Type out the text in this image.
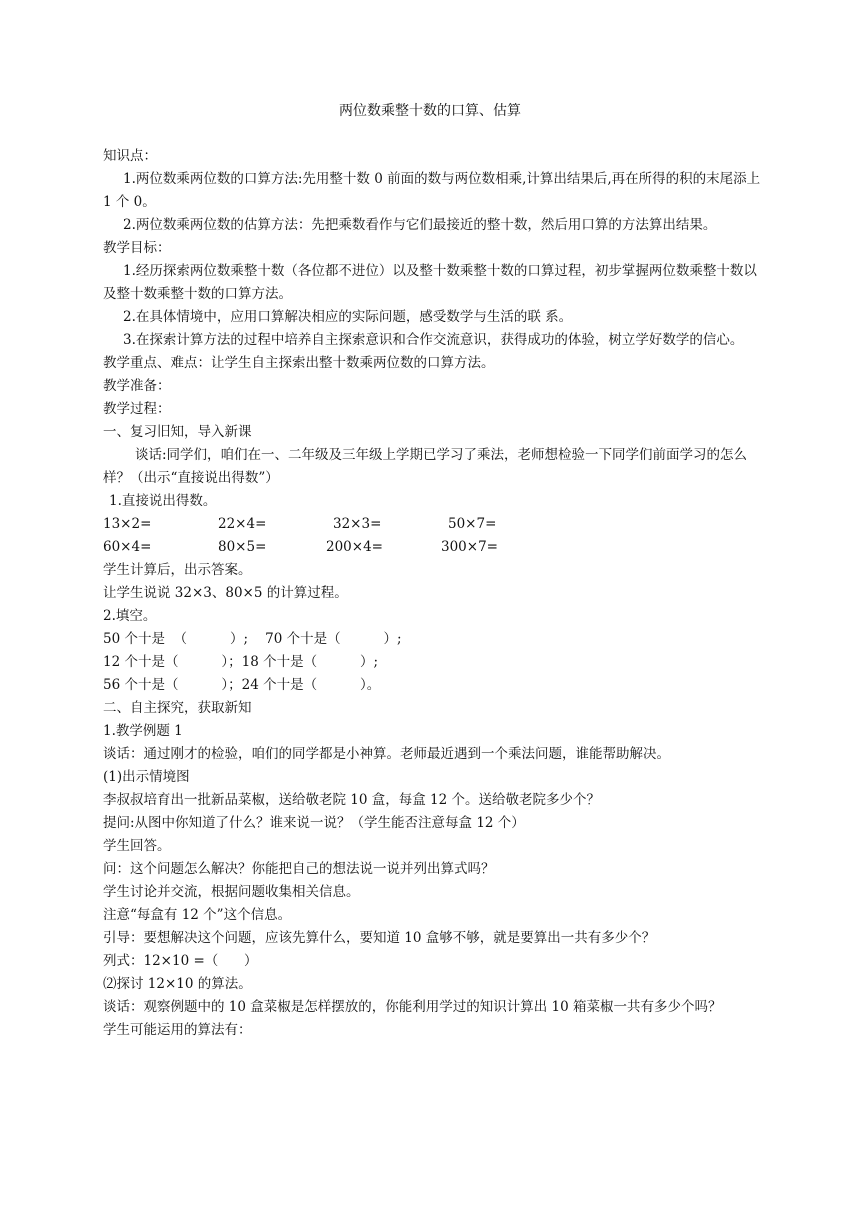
两位数乘整十数的口算、估算

知识点：

1.两位数乘两位数的口算方法:先用整十数 0 前面的数与两位数相乘,计算出结果后,再在所得的积的末尾添上 1 个 0。

2.两位数乘两位数的估算方法：先把乘数看作与它们最接近的整十数，然后用口算的方法算出结果。

教学目标：

1.经历探索两位数乘整十数（各位都不进位）以及整十数乘整十数的口算过程，初步掌握两位数乘整十数以及整十数乘整十数的口算方法。

2.在具体情境中，应用口算解决相应的实际问题，感受数学与生活的联 系。

3.在探索计算方法的过程中培养自主探索意识和合作交流意识，获得成功的体验，树立学好数学的信心。

教学重点、难点：让学生自主探索出整十数乘两位数的口算方法。

教学准备：

教学过程：

一、复习旧知，导入新课

谈话:同学们，咱们在一、二年级及三年级上学期已学习了乘法，老师想检验一下同学们前面学习的怎么样？（出示“直接说出得数”）

1.直接说出得数。

13×2=	22×4=	32×3=	50×7=
60×4=	80×5=	200×4=	300×7=

学生计算后，出示答案。

让学生说说 32×3、80×5 的计算过程。

2.填空。

50 个十是  （          ）;    70 个十是（          ）;

12 个十是（          ）；18 个十是（          ）;

56 个十是（          ）；24 个十是（          ）。

二、自主探究，获取新知

1.教学例题 1

谈话：通过刚才的检验，咱们的同学都是小神算。老师最近遇到一个乘法问题，谁能帮助解决。

(1)出示情境图

李叔叔培育出一批新品菜椒，送给敬老院 10 盒，每盒 12 个。送给敬老院多少个？

提问:从图中你知道了什么？谁来说一说？（学生能否注意每盒 12 个）

学生回答。

问：这个问题怎么解决？你能把自己的想法说一说并列出算式吗？

学生讨论并交流，根据问题收集相关信息。

注意“每盒有 12 个”这个信息。

引导：要想解决这个问题，应该先算什么，要知道 10 盒够不够，就是要算出一共有多少个？

列式：12×10 =（      ）

⑵探讨 12×10 的算法。

谈话：观察例题中的 10 盒菜椒是怎样摆放的，你能利用学过的知识计算出 10 箱菜椒一共有多少个吗？

学生可能运用的算法有：
